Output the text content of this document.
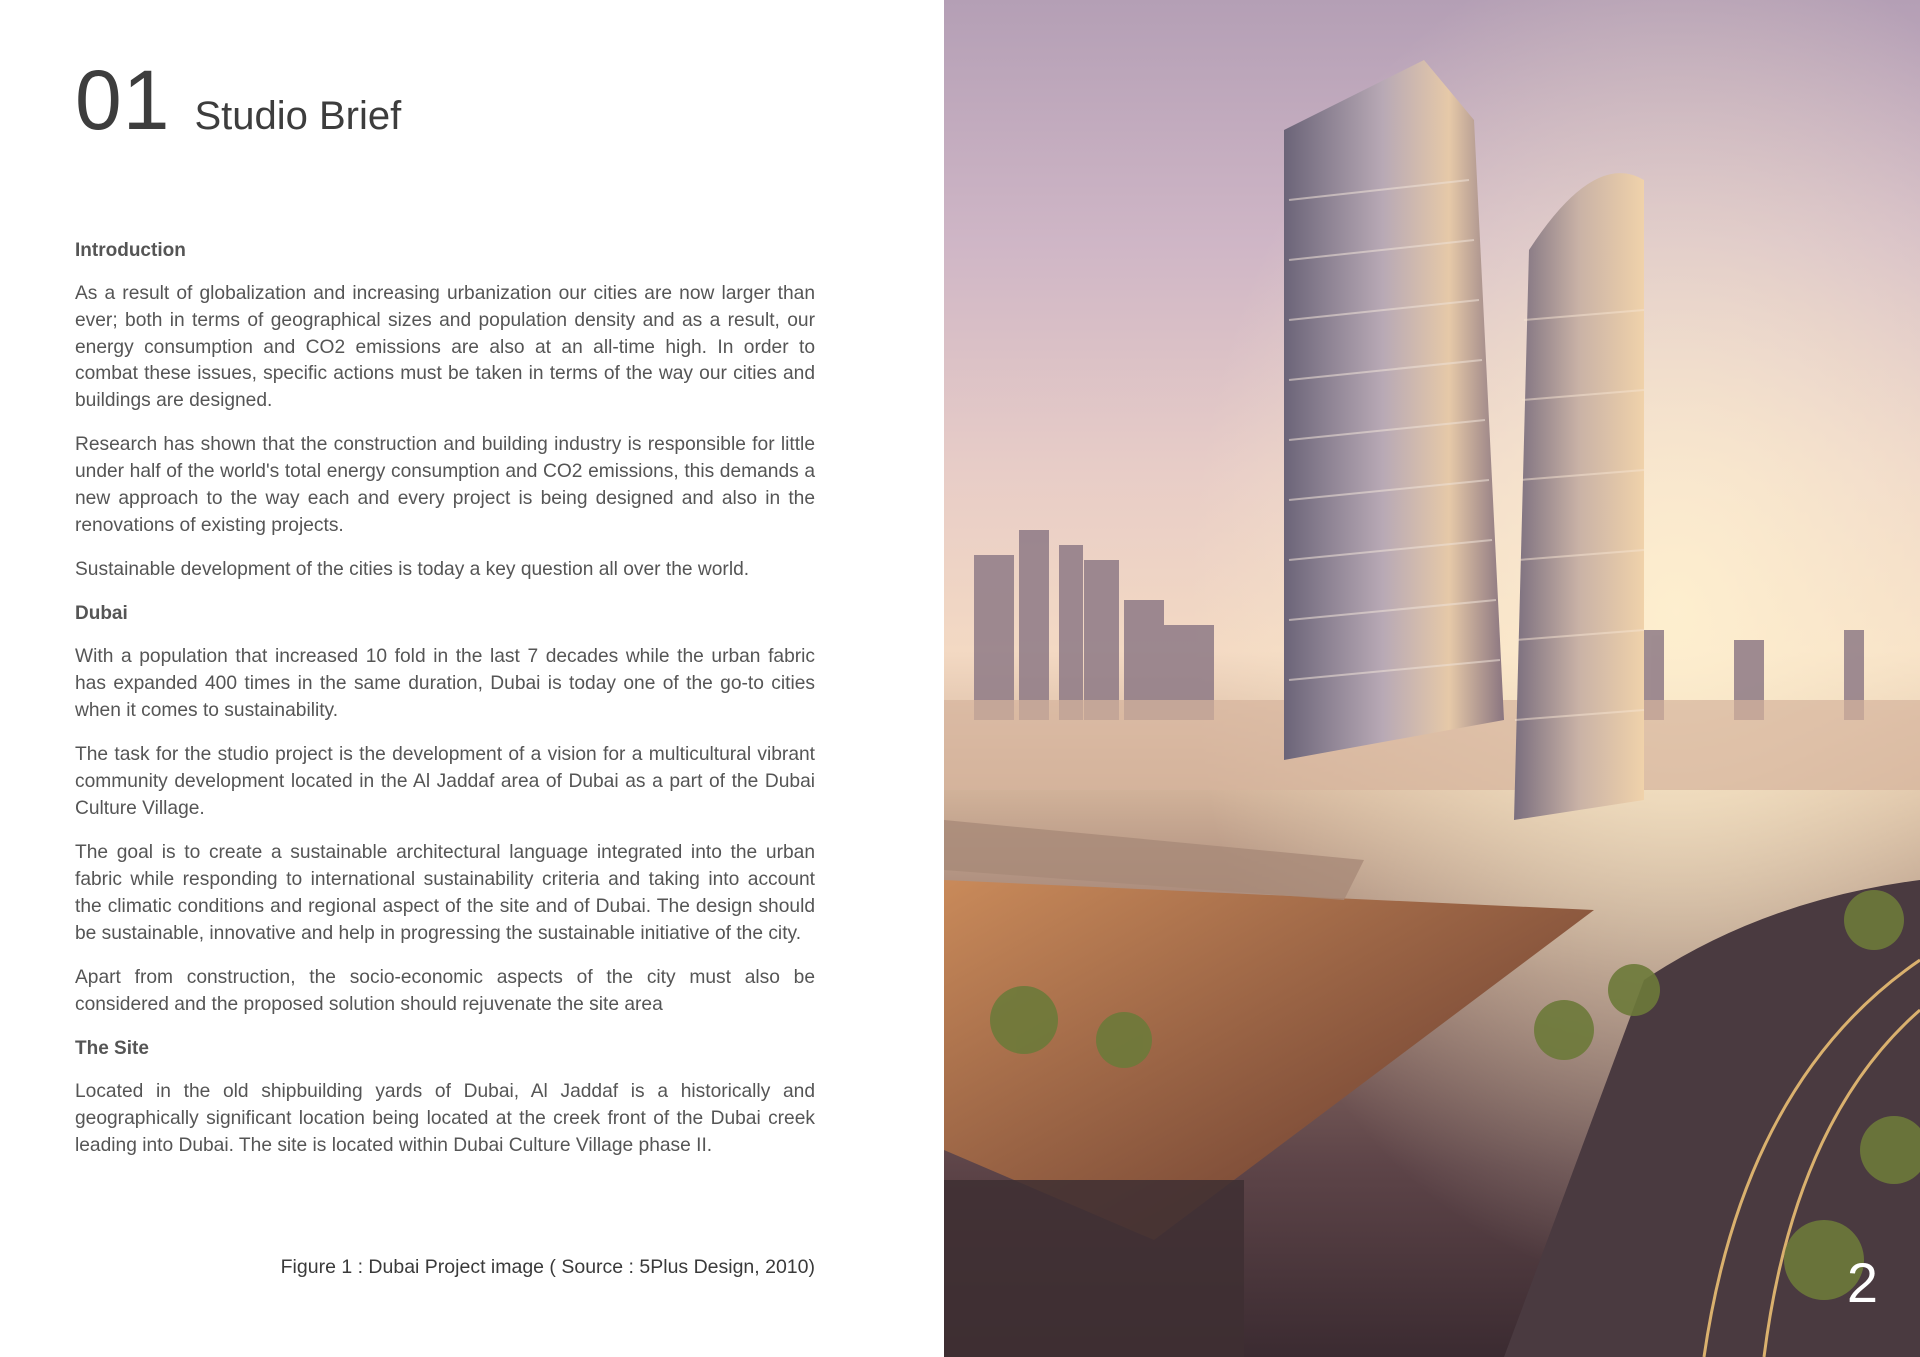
01 Studio Brief
Introduction

As a result of globalization and increasing urbanization our cities are now larger than ever; both in terms of geographical sizes and population density and as a result, our energy consumption and CO2 emissions are also at an all-time high. In order to combat these issues, specific actions must be taken in terms of the way our cities and buildings are designed.

Research has shown that the construction and building industry is responsible for little under half of the world's total energy consumption and CO2 emissions, this demands a new approach to the way each and every project is being designed and also in the renovations of existing projects.

Sustainable development of the cities is today a key question all over the world.

Dubai

With a population that increased 10 fold in the last 7 decades while the urban fabric has expanded 400 times in the same duration, Dubai is today one of the go-to cities when it comes to sustainability.

The task for the studio project is the development of a vision for a multicultural vibrant community development located in the Al Jaddaf area of Dubai as a part of the Dubai Culture Village.

The goal is to create a sustainable architectural language integrated into the urban fabric while responding to international sustainability criteria and taking into account the climatic conditions and regional aspect of the site and of Dubai. The design should be sustainable, innovative and help in progressing the sustainable initiative of the city.

Apart from construction, the socio-economic aspects of the city must also be considered and the proposed solution should rejuvenate the site area

The Site

Located in the old shipbuilding yards of Dubai, Al Jaddaf is a historically and geographically significant location being located at the creek front of the Dubai creek leading into Dubai. The site is located within Dubai Culture Village phase II.

Figure 1 : Dubai Project image ( Source : 5Plus Design, 2010)	2
